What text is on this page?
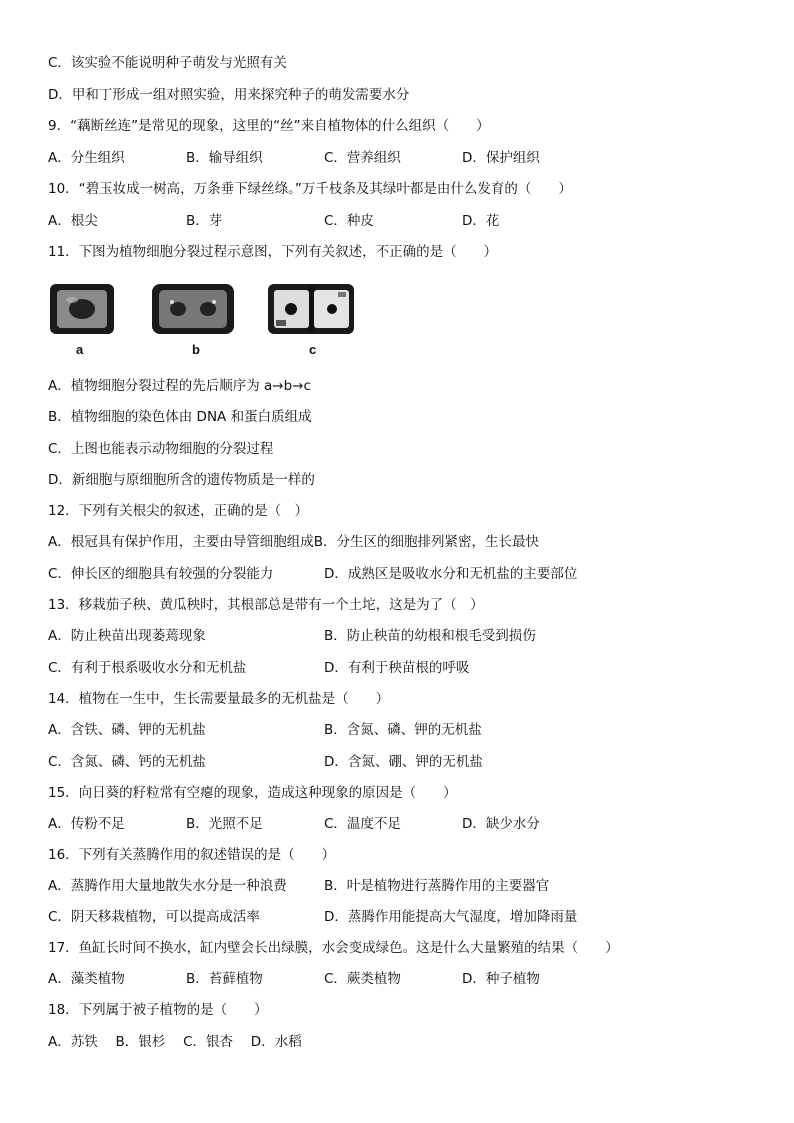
C．该实验不能说明种子萌发与光照有关
D．甲和丁形成一组对照实验，用来探究种子的萌发需要水分
9．“藕断丝连”是常见的现象，这里的“丝”来自植物体的什么组织（　　）
A．分生组织	B．输导组织	C．营养组织	D．保护组织
10．“碧玉妆成一树高，万条垂下绿丝绦。”万千枝条及其绿叶都是由什么发育的（　　）
A．根尖	B．芽	C．种皮	D．花
11．下图为植物细胞分裂过程示意图，下列有关叙述，不正确的是（　　）
a	b	c
A．植物细胞分裂过程的先后顺序为 a→b→c
B．植物细胞的染色体由 DNA 和蛋白质组成
C．上图也能表示动物细胞的分裂过程
D．新细胞与原细胞所含的遗传物质是一样的
12．下列有关根尖的叙述，正确的是（　）
A．根冠具有保护作用，主要由导管细胞组成B．分生区的细胞排列紧密，生长最快
C．伸长区的细胞具有较强的分裂能力	D．成熟区是吸收水分和无机盐的主要部位
13．移栽茄子秧、黄瓜秧时，其根部总是带有一个土坨，这是为了（　）
A．防止秧苗出现萎蔫现象	B．防止秧苗的幼根和根毛受到损伤
C．有利于根系吸收水分和无机盐	D．有利于秧苗根的呼吸
14．植物在一生中，生长需要量最多的无机盐是（　　）
A．含铁、磷、钾的无机盐	B．含氮、磷、钾的无机盐
C．含氮、磷、钙的无机盐	D．含氮、硼、钾的无机盐
15．向日葵的籽粒常有空瘪的现象，造成这种现象的原因是（　　）
A．传粉不足	B．光照不足	C．温度不足	D．缺少水分
16．下列有关蒸腾作用的叙述错误的是（　　）
A．蒸腾作用大量地散失水分是一种浪费	B．叶是植物进行蒸腾作用的主要器官
C．阴天移栽植物，可以提高成活率	D．蒸腾作用能提高大气湿度，增加降雨量
17．鱼缸长时间不换水，缸内壁会长出绿膜，水会变成绿色。这是什么大量繁殖的结果（　　）
A．藻类植物	B．苔藓植物	C．蕨类植物	D．种子植物
18．下列属于被子植物的是（　　）
A．苏铁　 B．银杉　 C．银杏　 D．水稻
